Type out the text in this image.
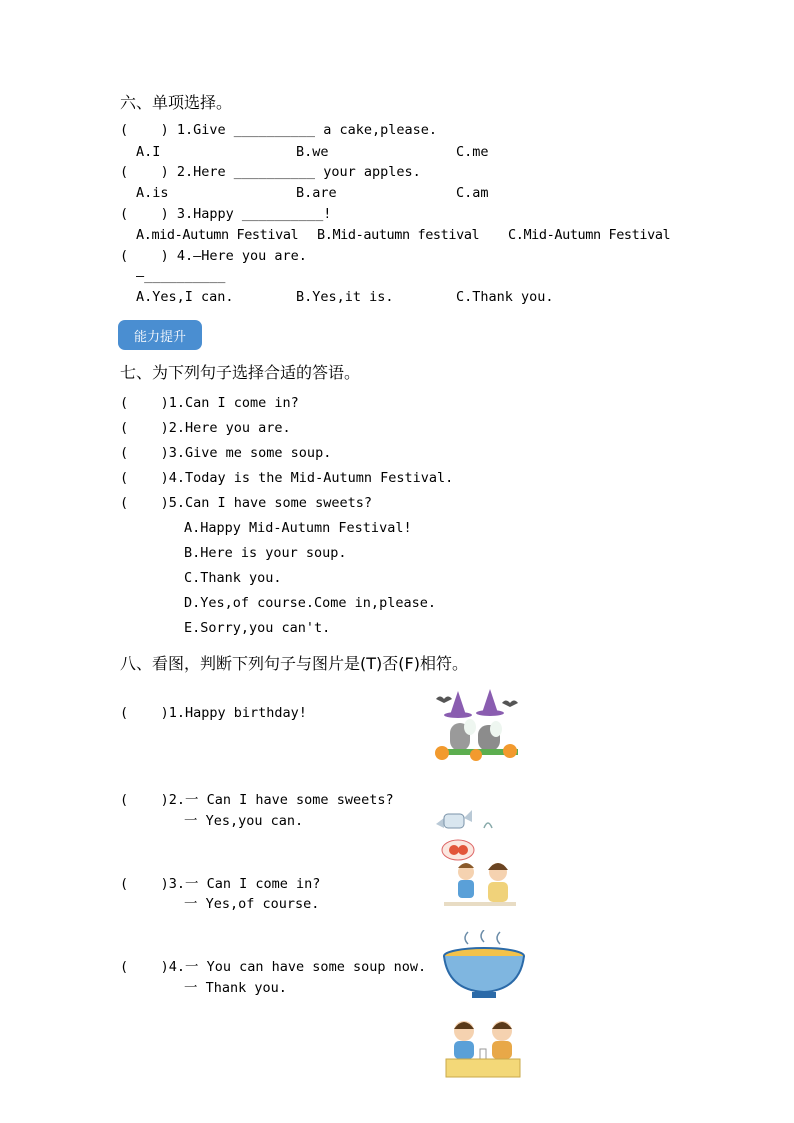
六、单项选择。
(    ) 1.Give __________ a cake,please.
A.I	B.we	C.me
(    ) 2.Here __________ your apples.
A.is	B.are	C.am
(    ) 3.Happy __________!
A.mid-Autumn Festival B.Mid-autumn festival C.Mid-Autumn Festival
(    ) 4.—Here you are.
—__________
A.Yes,I can.	B.Yes,it is.	C.Thank you.
能力提升
七、为下列句子选择合适的答语。
(    )1.Can I come in?
(    )2.Here you are.
(    )3.Give me some soup.
(    )4.Today is the Mid-Autumn Festival.
(    )5.Can I have some sweets?
A.Happy Mid-Autumn Festival!
B.Here is your soup.
C.Thank you.
D.Yes,of course.Come in,please.
E.Sorry,you can't.
八、看图，判断下列句子与图片是(T)否(F)相符。
(    )1.Happy birthday!
(    )2.一 Can I have some sweets?
一 Yes,you can.
(    )3.一 Can I come in?
一 Yes,of course.
(    )4.一 You can have some soup now.
一 Thank you.
